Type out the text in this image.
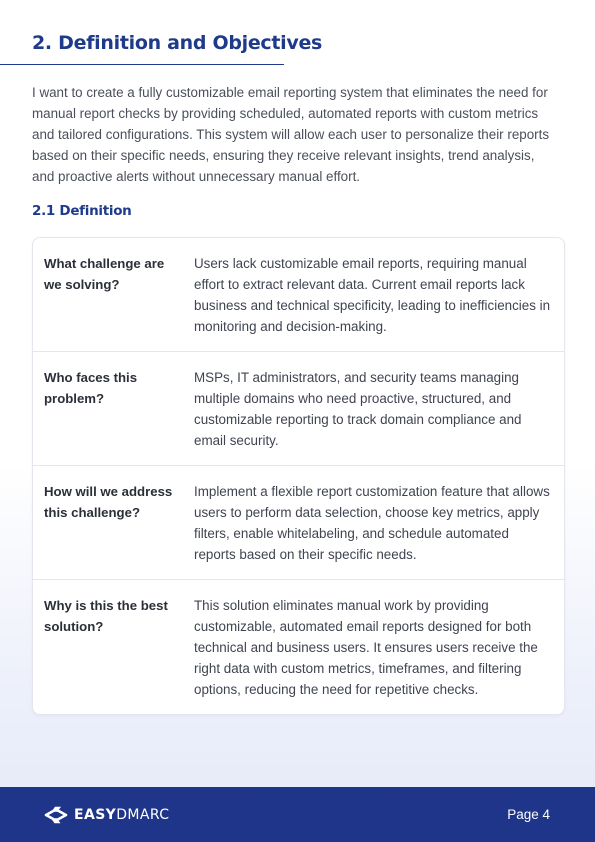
2. Definition and Objectives

I want to create a fully customizable email reporting system that eliminates the need for manual report checks by providing scheduled, automated reports with custom metrics and tailored configurations. This system will allow each user to personalize their reports based on their specific needs, ensuring they receive relevant insights, trend analysis, and proactive alerts without unnecessary manual effort.

2.1 Definition
What challenge are we solving?
Users lack customizable email reports, requiring manual effort to extract relevant data. Current email reports lack business and technical specificity, leading to inefficiencies in monitoring and decision-making.
Who faces this problem?
MSPs, IT administrators, and security teams managing multiple domains who need proactive, structured, and customizable reporting to track domain compliance and email security.
How will we address this challenge?
Implement a flexible report customization feature that allows users to perform data selection, choose key metrics, apply filters, enable whitelabeling, and schedule automated reports based on their specific needs.
Why is this the best solution?
This solution eliminates manual work by providing customizable, automated email reports designed for both technical and business users. It ensures users receive the right data with custom metrics, timeframes, and filtering options, reducing the need for repetitive checks.
EASYDMARC	Page 4
